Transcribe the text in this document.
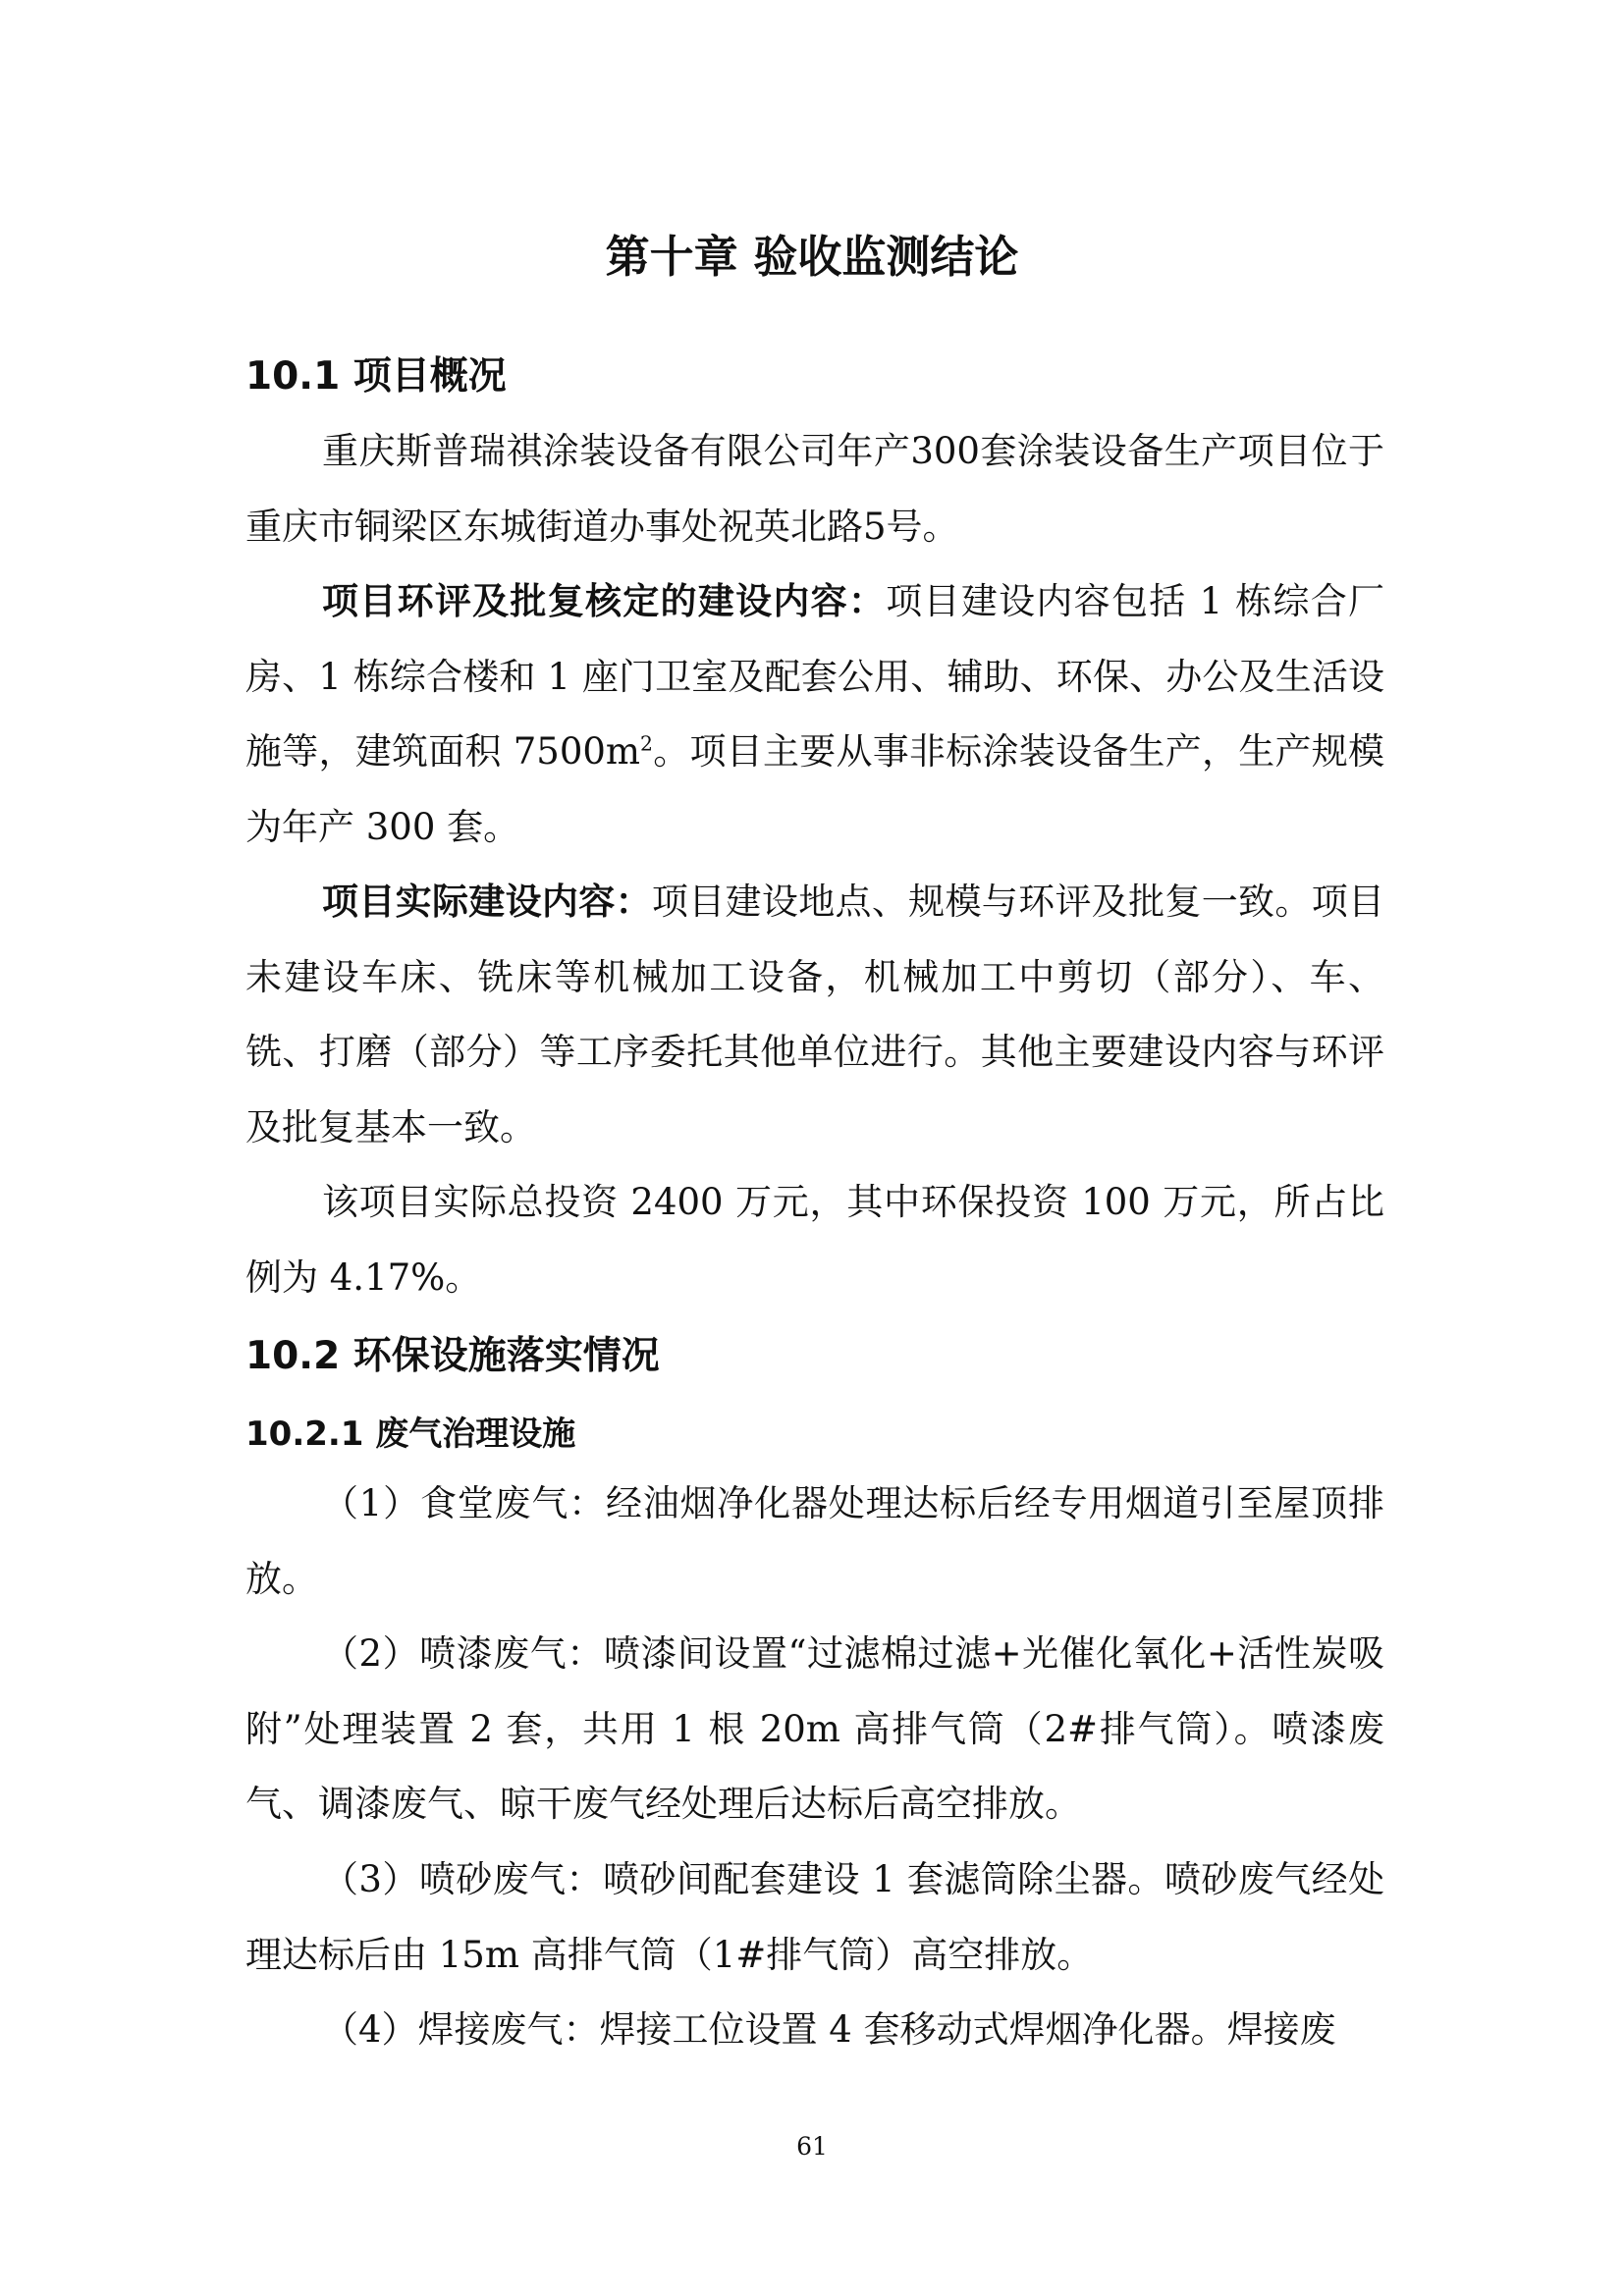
第十章 验收监测结论
10.1 项目概况

重庆斯普瑞祺涂装设备有限公司年产300套涂装设备生产项目位于重庆市铜梁区东城街道办事处祝英北路5号。

项目环评及批复核定的建设内容：项目建设内容包括 1 栋综合厂房、1 栋综合楼和 1 座门卫室及配套公用、辅助、环保、办公及生活设施等，建筑面积 $7500m^2$。项目主要从事非标涂装设备生产，生产规模为年产 300 套。

项目实际建设内容：项目建设地点、规模与环评及批复一致。项目未建设车床、铣床等机械加工设备，机械加工中剪切（部分）、车、铣、打磨（部分）等工序委托其他单位进行。其他主要建设内容与环评及批复基本一致。

该项目实际总投资 2400 万元，其中环保投资 100 万元，所占比例为 4.17%。

10.2 环保设施落实情况
10.2.1 废气治理设施

（1）食堂废气：经油烟净化器处理达标后经专用烟道引至屋顶排放。

（2）喷漆废气：喷漆间设置“过滤棉过滤+光催化氧化+活性炭吸附”处理装置 2 套，共用 1 根 20m 高排气筒（2#排气筒）。喷漆废气、调漆废气、晾干废气经处理后达标后高空排放。

（3）喷砂废气：喷砂间配套建设 1 套滤筒除尘器。喷砂废气经处理达标后由 15m 高排气筒（1#排气筒）高空排放。

（4）焊接废气：焊接工位设置 4 套移动式焊烟净化器。焊接废

61
